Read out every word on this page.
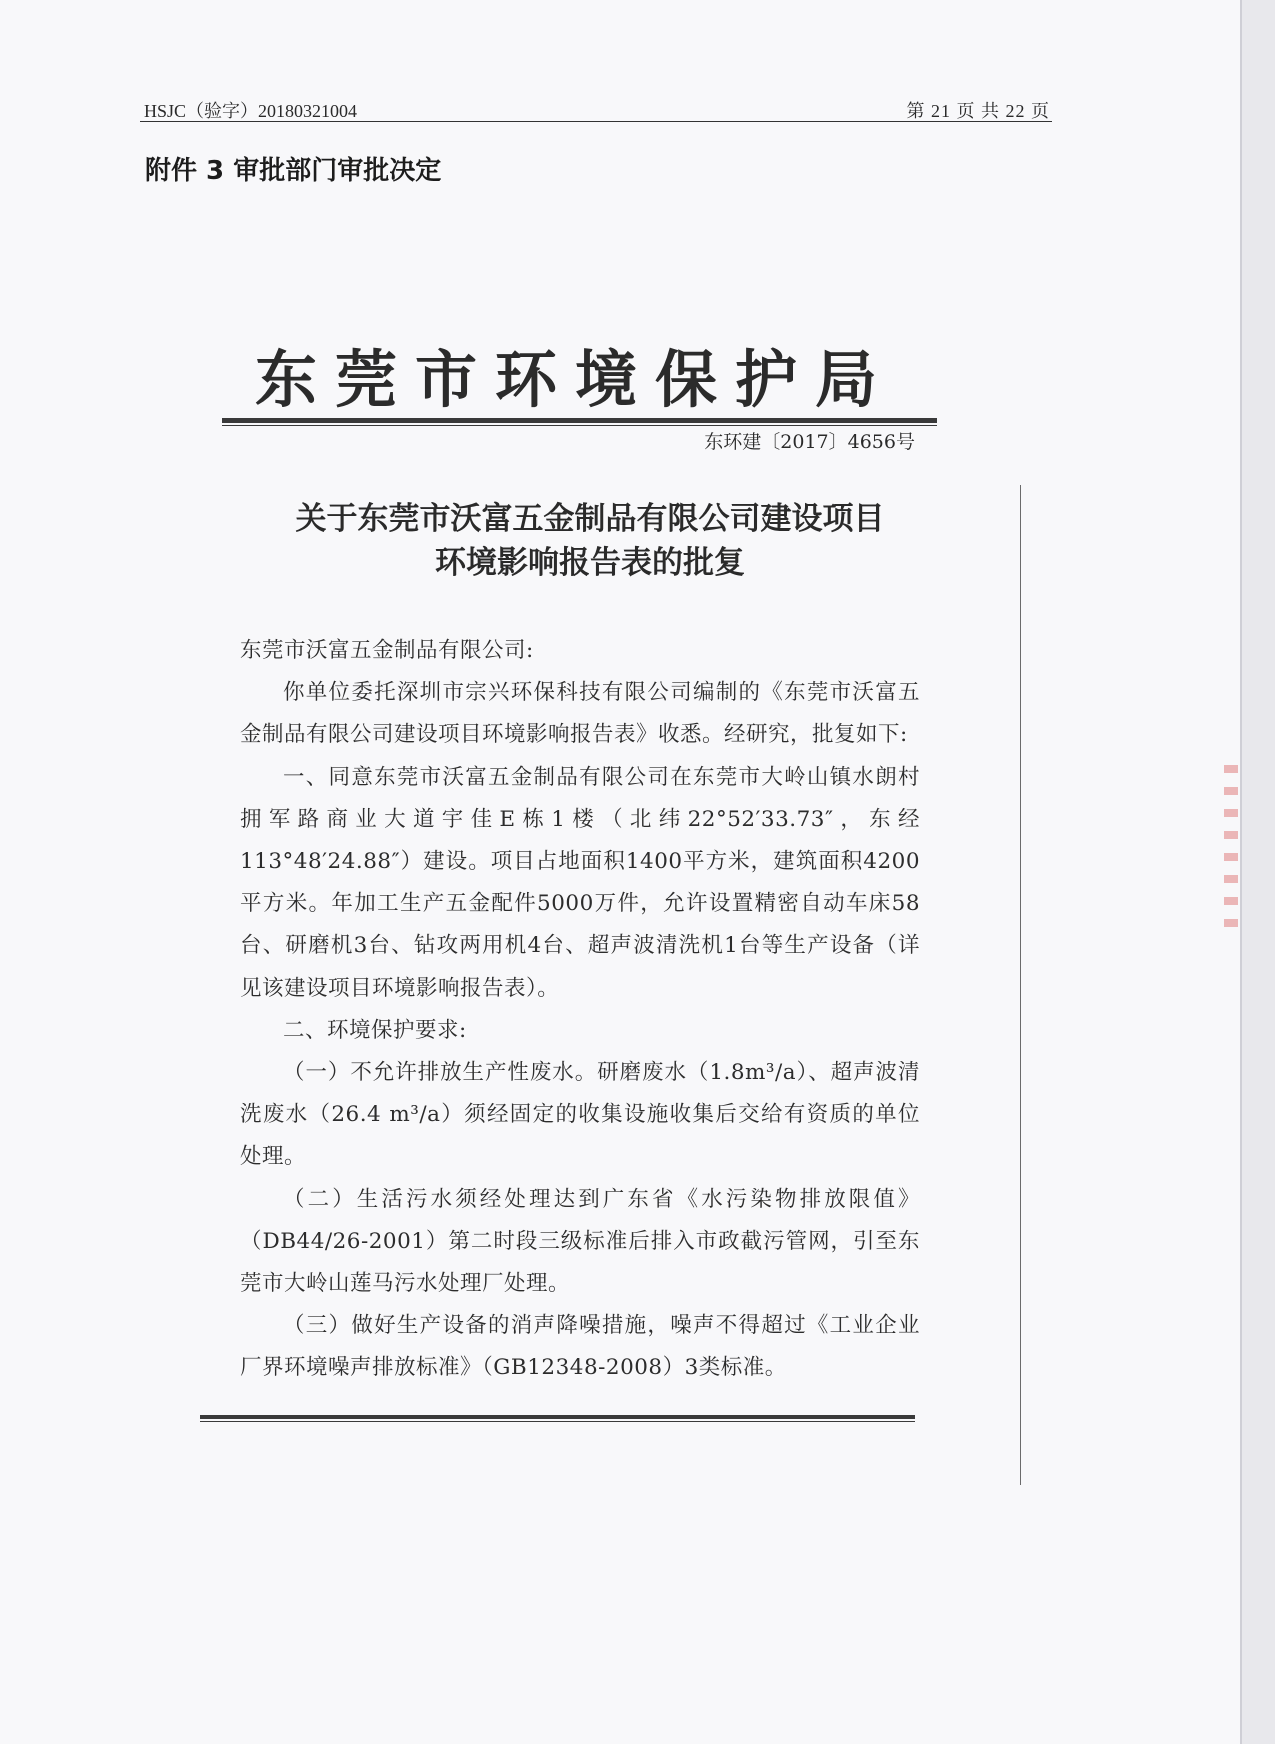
HSJC（验字）20180321004	第 21 页 共 22 页
附件 3 审批部门审批决定
东莞市环境保护局
东环建〔2017〕4656号
关于东莞市沃富五金制品有限公司建设项目
环境影响报告表的批复

东莞市沃富五金制品有限公司:

你单位委托深圳市宗兴环保科技有限公司编制的《东莞市沃富五金制品有限公司建设项目环境影响报告表》收悉。经研究，批复如下:

一、同意东莞市沃富五金制品有限公司在东莞市大岭山镇水朗村拥军路商业大道宇佳E栋1楼（北纬22°52′33.73″，东经113°48′24.88″）建设。项目占地面积1400平方米，建筑面积4200平方米。年加工生产五金配件5000万件，允许设置精密自动车床58台、研磨机3台、钻攻两用机4台、超声波清洗机1台等生产设备（详见该建设项目环境影响报告表）。

二、环境保护要求:

（一）不允许排放生产性废水。研磨废水（1.8m³/a）、超声波清洗废水（26.4 m³/a）须经固定的收集设施收集后交给有资质的单位处理。

（二）生活污水须经处理达到广东省《水污染物排放限值》（DB44/26-2001）第二时段三级标准后排入市政截污管网，引至东莞市大岭山莲马污水处理厂处理。

（三）做好生产设备的消声降噪措施，噪声不得超过《工业企业厂界环境噪声排放标准》（GB12348-2008）3类标准。
